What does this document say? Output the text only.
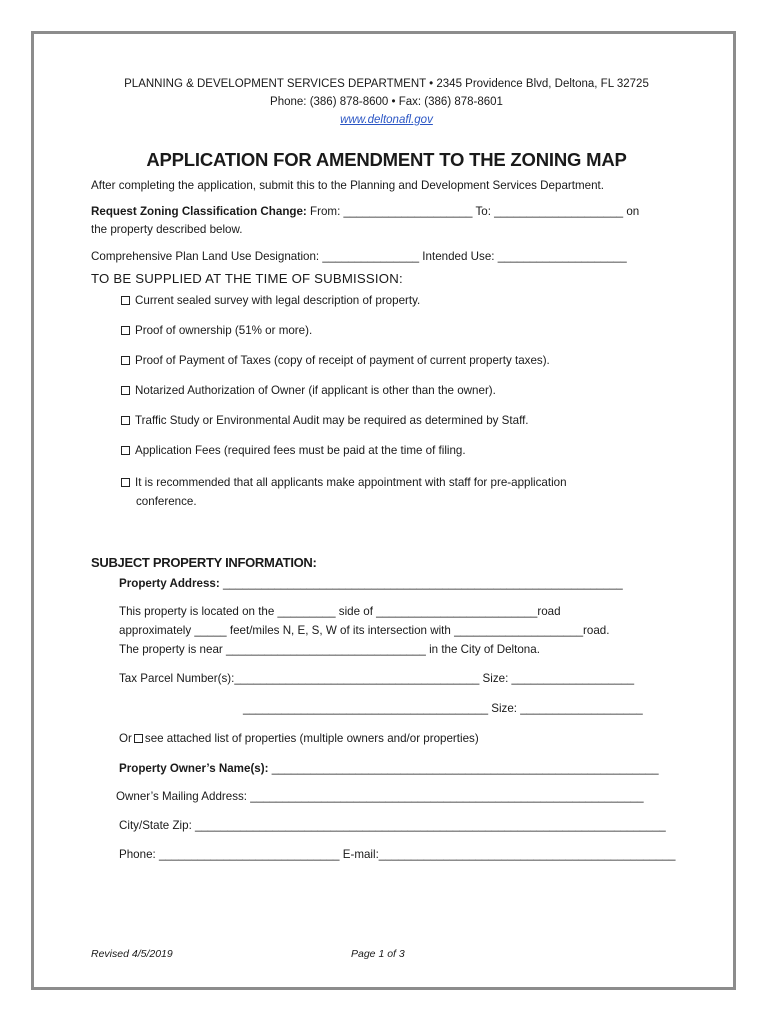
PLANNING & DEVELOPMENT SERVICES DEPARTMENT • 2345 Providence Blvd, Deltona, FL 32725
Phone: (386) 878-8600 • Fax: (386) 878-8601
www.deltonafl.gov
APPLICATION FOR AMENDMENT TO THE ZONING MAP
After completing the application, submit this to the Planning and Development Services Department.
Request Zoning Classification Change: From: ____________________ To: ____________________ on
the property described below.
Comprehensive Plan Land Use Designation: _______________ Intended Use: ____________________
TO BE SUPPLIED AT THE TIME OF SUBMISSION:
Current sealed survey with legal description of property.
Proof of ownership (51% or more).
Proof of Payment of Taxes (copy of receipt of payment of current property taxes).
Notarized Authorization of Owner (if applicant is other than the owner).
Traffic Study or Environmental Audit may be required as determined by Staff.
Application Fees (required fees must be paid at the time of filing.
It is recommended that all applicants make appointment with staff for pre-application
conference.
SUBJECT PROPERTY INFORMATION:
Property Address: ______________________________________________________________
This property is located on the _________ side of _________________________road
approximately _____ feet/miles N, E, S, W of its intersection with ____________________road.
The property is near _______________________________ in the City of Deltona.
Tax Parcel Number(s):______________________________________ Size: ___________________
______________________________________ Size: ___________________
Or see attached list of properties (multiple owners and/or properties)
Property Owner’s Name(s): ____________________________________________________________
Owner’s Mailing Address: _____________________________________________________________
City/State Zip: _________________________________________________________________________
Phone: ____________________________ E-mail:______________________________________________
Revised 4/5/2019	Page 1 of 3
